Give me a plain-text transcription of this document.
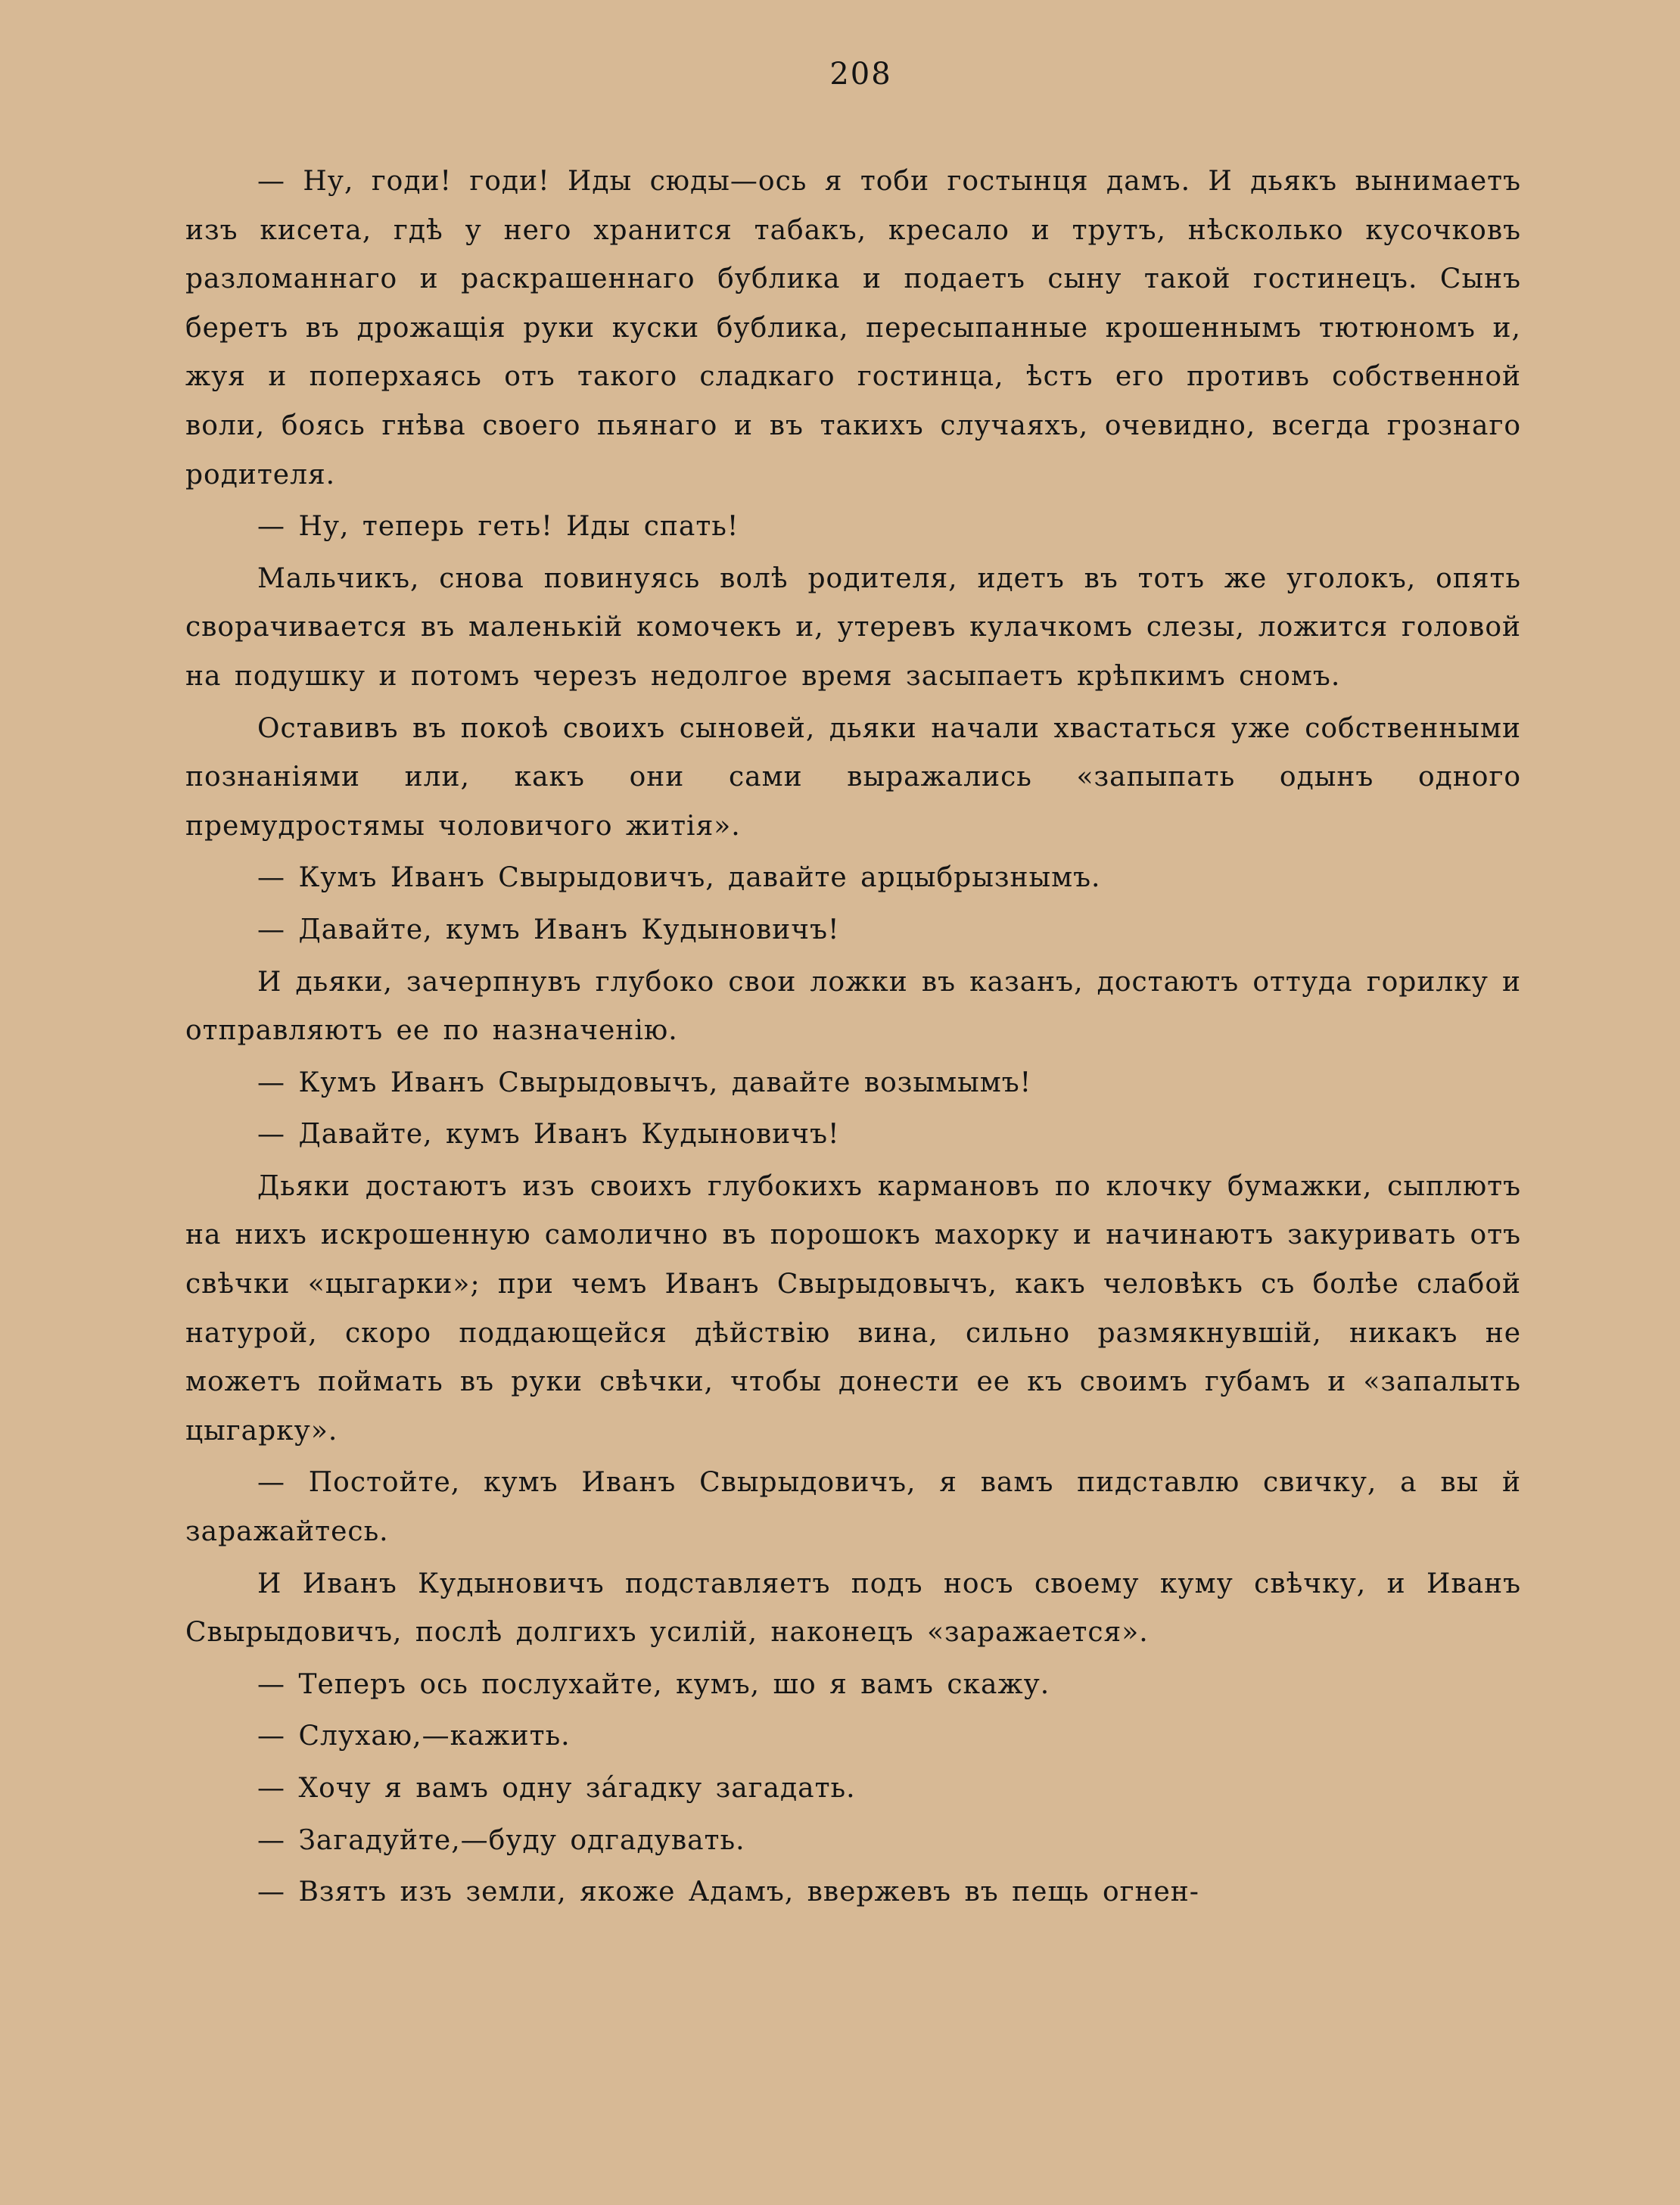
208

— Ну, годи! годи! Иды сюды—ось я тоби гостынця дамъ. И дьякъ вынимаетъ изъ кисета, гдѣ у него хранится табакъ, кресало и трутъ, нѣсколько кусочковъ разломаннаго и раскрашеннаго бублика и подаетъ сыну такой гостинецъ. Сынъ беретъ въ дрожащія руки куски бублика, пересыпанные крошеннымъ тютюномъ и, жуя и поперхаясь отъ такого сладкаго гостинца, ѣстъ его противъ собственной воли, боясь гнѣва своего пьянаго и въ такихъ случаяхъ, очевидно, всегда грознаго родителя.

— Ну, теперь геть! Иды спать!

Мальчикъ, снова повинуясь волѣ родителя, идетъ въ тотъ же уголокъ, опять сворачивается въ маленькій комочекъ и, утеревъ кулачкомъ слезы, ложится головой на подушку и потомъ черезъ недолгое время засыпаетъ крѣпкимъ сномъ.

Оставивъ въ покоѣ своихъ сыновей, дьяки начали хвастаться уже собственными познаніями или, какъ они сами выражались «запыпать одынъ одного премудростямы чоловичого житія».

— Кумъ Иванъ Свырыдовичъ, давайте арцыбрызнымъ.

— Давайте, кумъ Иванъ Кудыновичъ!

И дьяки, зачерпнувъ глубоко свои ложки въ казанъ, достаютъ оттуда горилку и отправляютъ ее по назначенію.

— Кумъ Иванъ Свырыдовычъ, давайте возымымъ!

— Давайте, кумъ Иванъ Кудыновичъ!

Дьяки достаютъ изъ своихъ глубокихъ кармановъ по клочку бумажки, сыплютъ на нихъ искрошенную самолично въ порошокъ махорку и начинаютъ закуривать отъ свѣчки «цыгарки»; при чемъ Иванъ Свырыдовычъ, какъ человѣкъ съ болѣе слабой натурой, скоро поддающейся дѣйствію вина, сильно размякнувшій, никакъ не можетъ поймать въ руки свѣчки, чтобы донести ее къ своимъ губамъ и «запалыть цыгарку».

— Постойте, кумъ Иванъ Свырыдовичъ, я вамъ пидставлю свичку, а вы й заражайтесь.

И Иванъ Кудыновичъ подставляетъ подъ носъ своему куму свѣчку, и Иванъ Свырыдовичъ, послѣ долгихъ усилій, наконецъ «заражается».

— Теперъ ось послухайте, кумъ, шо я вамъ скажу.

— Слухаю,—кажить.

— Хочу я вамъ одну зáгадку загадать.

— Загадуйте,—буду одгадувать.

— Взятъ изъ земли, якоже Адамъ, ввержевъ въ пещь огнен-
